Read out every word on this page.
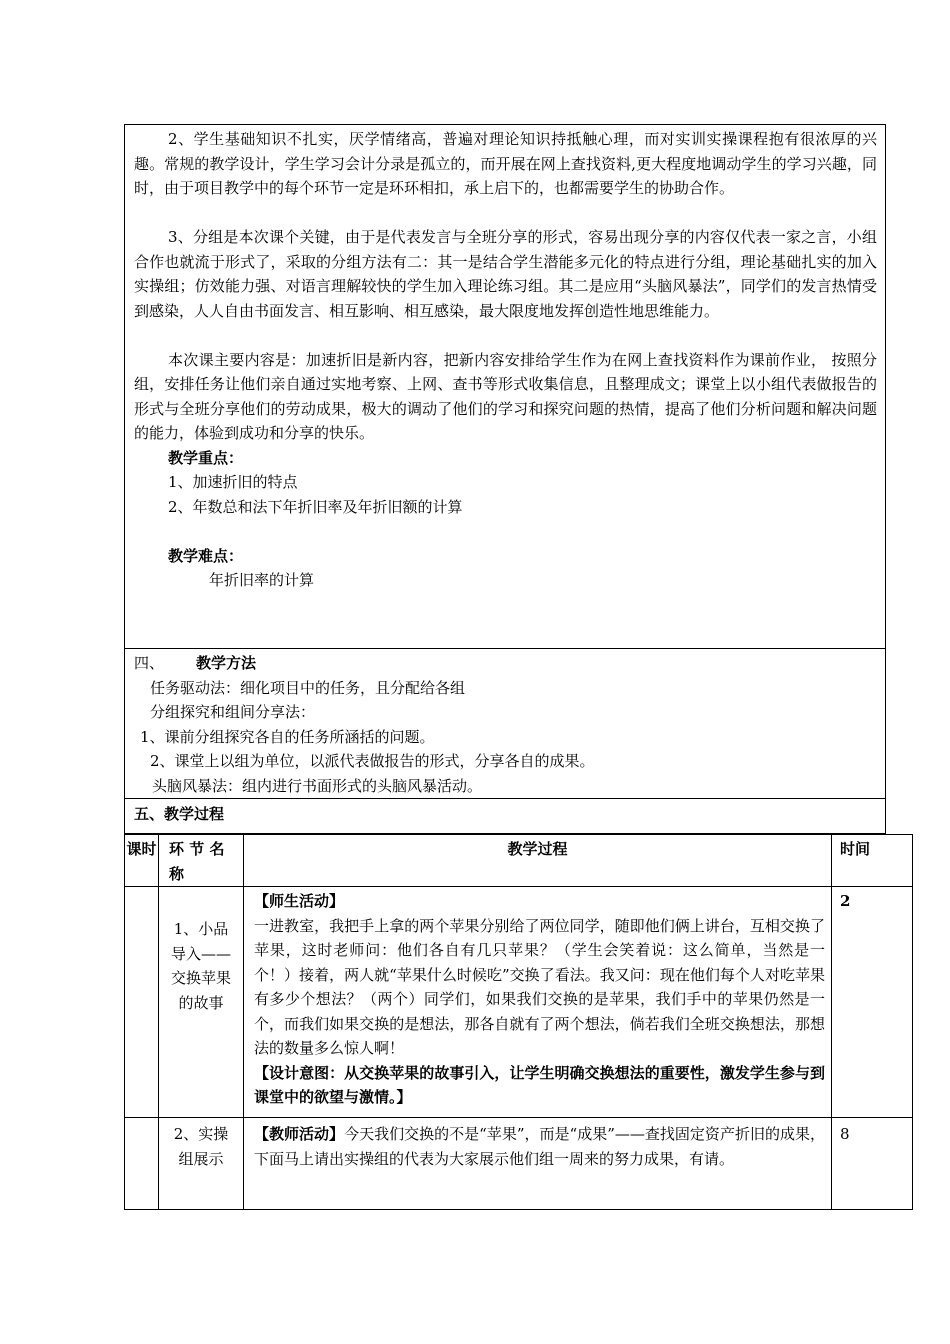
2、学生基础知识不扎实，厌学情绪高，普遍对理论知识持抵触心理，而对实训实操课程抱有很浓厚的兴趣。常规的教学设计，学生学习会计分录是孤立的，而开展在网上查找资料,更大程度地调动学生的学习兴趣，同时，由于项目教学中的每个环节一定是环环相扣，承上启下的，也都需要学生的协助合作。

3、分组是本次课个关键，由于是代表发言与全班分享的形式，容易出现分享的内容仅代表一家之言，小组合作也就流于形式了，采取的分组方法有二：其一是结合学生潜能多元化的特点进行分组，理论基础扎实的加入实操组；仿效能力强、对语言理解较快的学生加入理论练习组。其二是应用“头脑风暴法”，同学们的发言热情受到感染，人人自由书面发言、相互影响、相互感染，最大限度地发挥创造性地思维能力。

本次课主要内容是：加速折旧是新内容，把新内容安排给学生作为在网上查找资料作为课前作业， 按照分组，安排任务让他们亲自通过实地考察、上网、查书等形式收集信息，且整理成文；课堂上以小组代表做报告的形式与全班分享他们的劳动成果，极大的调动了他们的学习和探究问题的热情，提高了他们分析问题和解决问题的能力，体验到成功和分享的快乐。

教学重点：
1、加速折旧的特点
2、年数总和法下年折旧率及年折旧额的计算
教学难点：
年折旧率的计算
四、 教学方法
任务驱动法：细化项目中的任务，且分配给各组
分组探究和组间分享法：
1、课前分组探究各自的任务所涵括的问题。
2、课堂上以组为单位，以派代表做报告的形式，分享各自的成果。
头脑风暴法：组内进行书面形式的头脑风暴活动。
五、教学过程
课时	环 节 名称	教学过程	时间
	1、小品导入——交换苹果的故事	【师生活动】
一进教室，我把手上拿的两个苹果分别给了两位同学，随即他们俩上讲台，互相交换了苹果，这时老师问：他们各自有几只苹果？（学生会笑着说：这么简单，当然是一个！）接着，两人就“苹果什么时候吃”交换了看法。我又问：现在他们每个人对吃苹果有多少个想法？（两个）同学们，如果我们交换的是苹果，我们手中的苹果仍然是一个，而我们如果交换的是想法，那各自就有了两个想法，倘若我们全班交换想法，那想法的数量多么惊人啊！
【设计意图：从交换苹果的故事引入，让学生明确交换想法的重要性，激发学生参与到课堂中的欲望与激情。】	2
	2、实操组展示	【教师活动】今天我们交换的不是“苹果”，而是“成果”——查找固定资产折旧的成果，下面马上请出实操组的代表为大家展示他们组一周来的努力成果，有请。	8
